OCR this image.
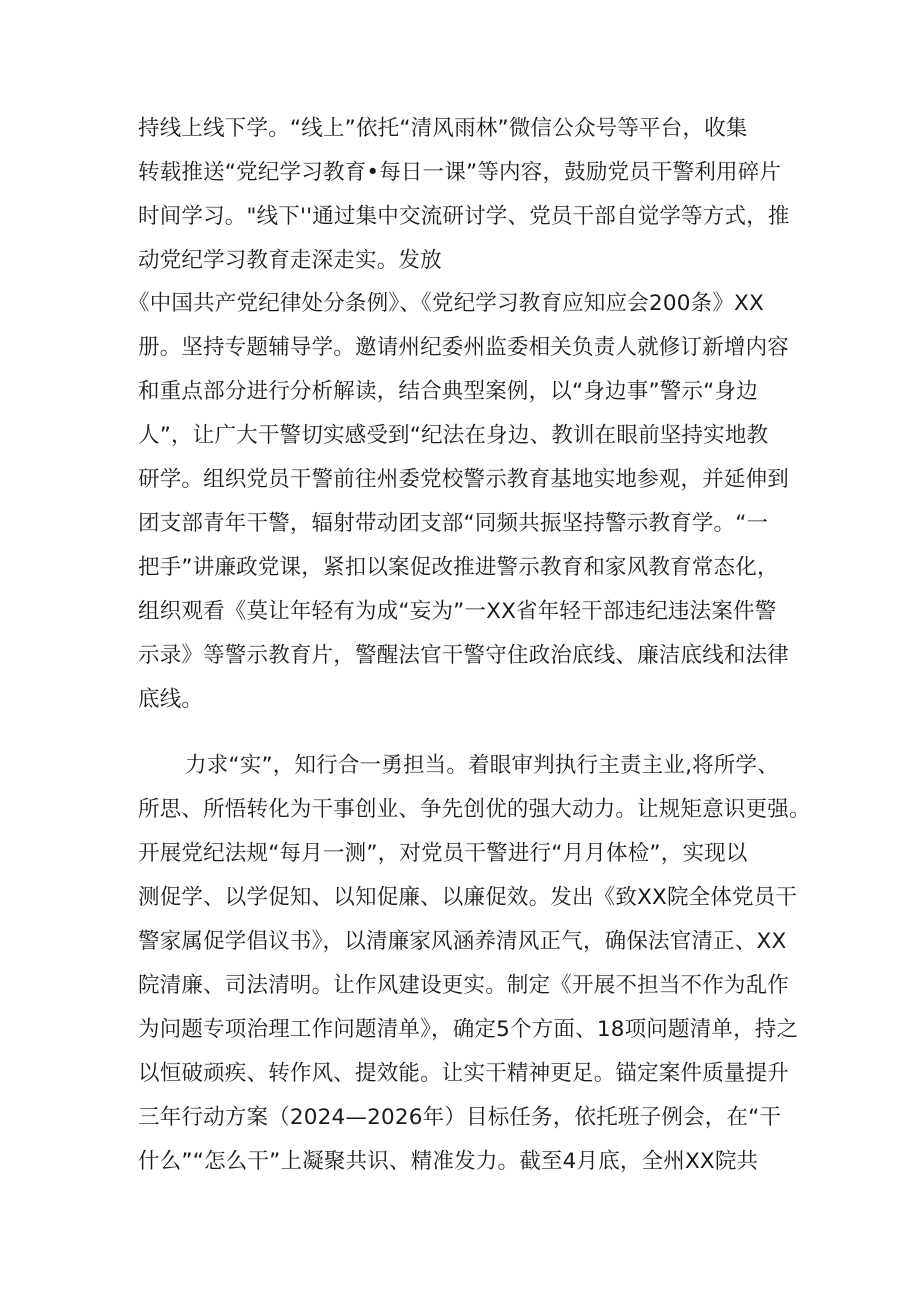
持线上线下学。“线上”依托“清风雨林”微信公众号等平台，收集
转载推送“党纪学习教育•每日一课”等内容，鼓励党员干警利用碎片
时间学习。"线下''通过集中交流研讨学、党员干部自觉学等方式，推
动党纪学习教育走深走实。发放
《中国共产党纪律处分条例》、《党纪学习教育应知应会200条》XX
册。坚持专题辅导学。邀请州纪委州监委相关负责人就修订新增内容
和重点部分进行分析解读，结合典型案例，以“身边事”警示“身边
人”，让广大干警切实感受到“纪法在身边、教训在眼前坚持实地教
研学。组织党员干警前往州委党校警示教育基地实地参观，并延伸到
团支部青年干警，辐射带动团支部“同频共振坚持警示教育学。“一
把手”讲廉政党课，紧扣以案促改推进警示教育和家风教育常态化，
组织观看《莫让年轻有为成“妄为”一XX省年轻干部违纪违法案件警
示录》等警示教育片，警醒法官干警守住政治底线、廉洁底线和法律
底线。
力求“实”，知行合一勇担当。着眼审判执行主责主业,将所学、
所思、所悟转化为干事创业、争先创优的强大动力。让规矩意识更强。
开展党纪法规“每月一测”，对党员干警进行“月月体检”，实现以
测促学、以学促知、以知促廉、以廉促效。发出《致XX院全体党员干
警家属促学倡议书》，以清廉家风涵养清风正气，确保法官清正、XX
院清廉、司法清明。让作风建设更实。制定《开展不担当不作为乱作
为问题专项治理工作问题清单》，确定5个方面、18项问题清单，持之
以恒破顽疾、转作风、提效能。让实干精神更足。锚定案件质量提升
三年行动方案（2024—2026年）目标任务，依托班子例会，在“干
什么”“怎么干”上凝聚共识、精准发力。截至4月底，全州XX院共
